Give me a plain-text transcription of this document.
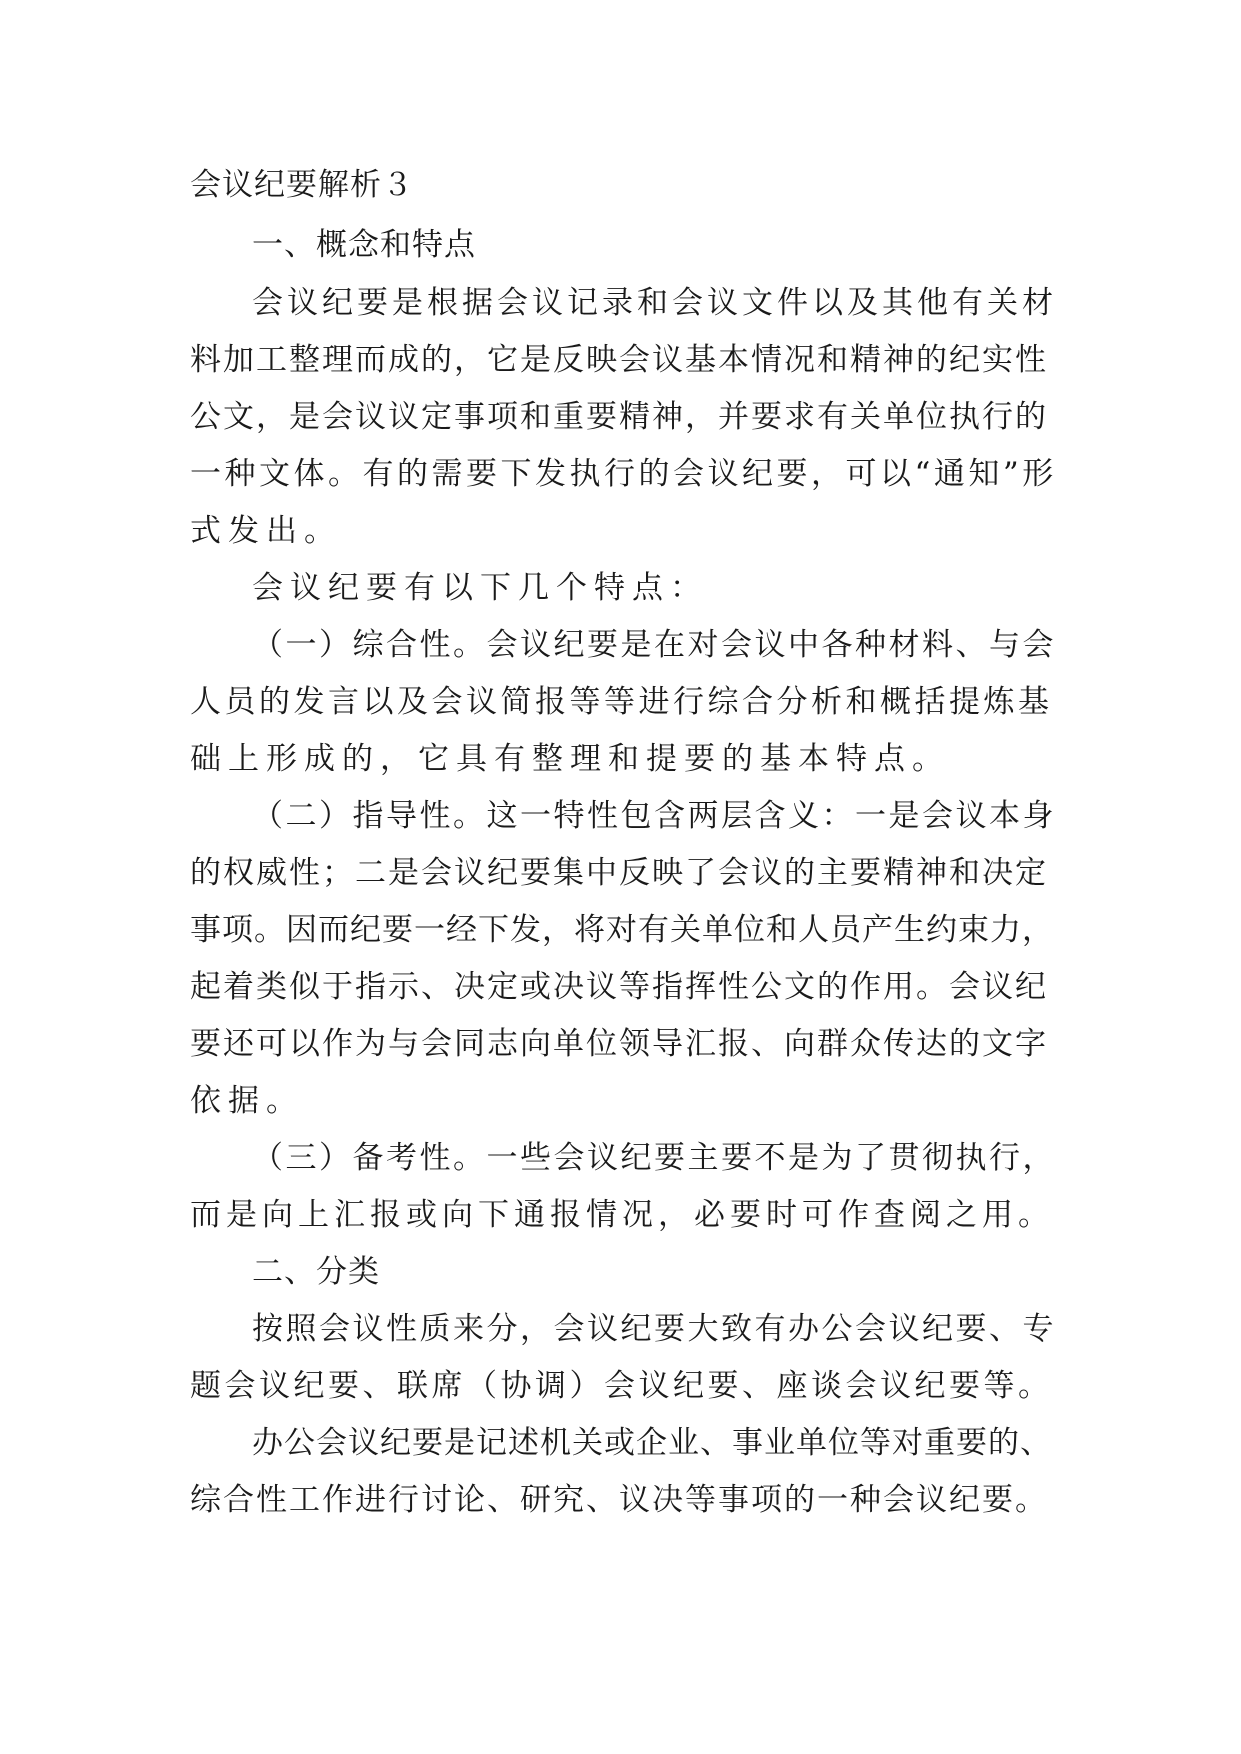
会议纪要解析３

一、概念和特点

会议纪要是根据会议记录和会议文件以及其他有关材

料加工整理而成的，它是反映会议基本情况和精神的纪实性

公文，是会议议定事项和重要精神，并要求有关单位执行的

一种文体。有的需要下发执行的会议纪要，可以“通知”形

式发出。

会议纪要有以下几个特点：

（一）综合性。会议纪要是在对会议中各种材料、与会

人员的发言以及会议简报等等进行综合分析和概括提炼基

础上形成的，它具有整理和提要的基本特点。

（二）指导性。这一特性包含两层含义：一是会议本身

的权威性；二是会议纪要集中反映了会议的主要精神和决定

事项。因而纪要一经下发，将对有关单位和人员产生约束力，

起着类似于指示、决定或决议等指挥性公文的作用。会议纪

要还可以作为与会同志向单位领导汇报、向群众传达的文字

依据。

（三）备考性。一些会议纪要主要不是为了贯彻执行，

而是向上汇报或向下通报情况，必要时可作查阅之用。

二、分类

按照会议性质来分，会议纪要大致有办公会议纪要、专

题会议纪要、联席（协调）会议纪要、座谈会议纪要等。

办公会议纪要是记述机关或企业、事业单位等对重要的、

综合性工作进行讨论、研究、议决等事项的一种会议纪要。
